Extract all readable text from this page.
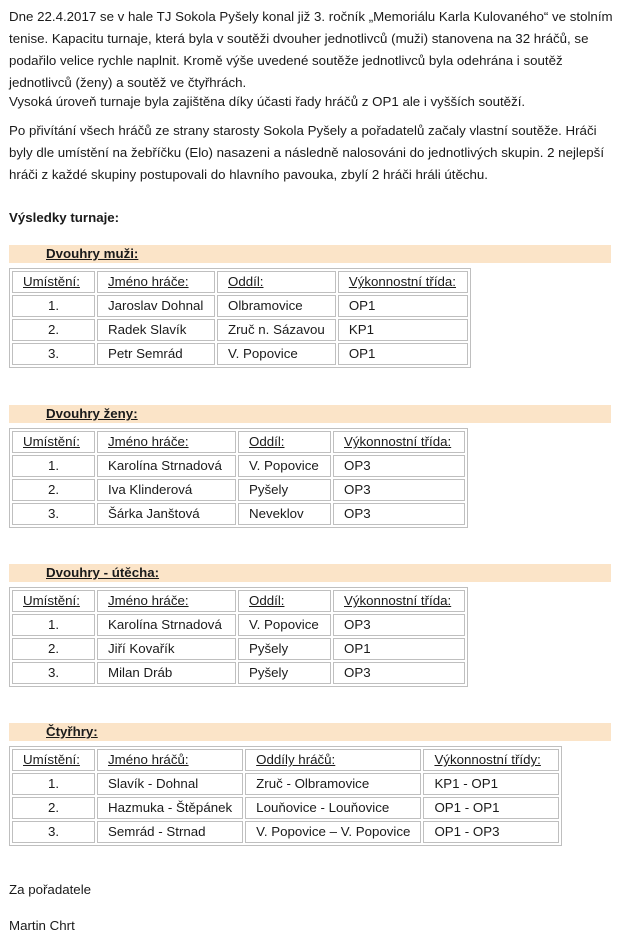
Dne 22.4.2017 se v hale TJ Sokola Pyšely konal již 3. ročník „Memoriálu Karla Kulovaného“ ve stolním tenise. Kapacitu turnaje, která byla v soutěži dvouher jednotlivců (muži) stanovena na 32 hráčů, se podařilo velice rychle naplnit. Kromě výše uvedené soutěže jednotlivců byla odehrána i soutěž jednotlivců (ženy) a soutěž ve čtyřhrách.

Vysoká úroveň turnaje byla zajištěna díky účasti řady hráčů z OP1 ale i vyšších soutěží.

Po přivítání všech hráčů ze strany starosty Sokola Pyšely a pořadatelů začaly vlastní soutěže. Hráči byly dle umístění na žebříčku (Elo) nasazeni a následně nalosováni do jednotlivých skupin. 2 nejlepší hráči z každé skupiny postupovali do hlavního pavouka, zbylí 2 hráči hráli útěchu.

Výsledky turnaje:

Dvouhry muži:
Umístění:	Jméno hráče:	Oddíl:	Výkonnostní třída:
1.	Jaroslav Dohnal	Olbramovice	OP1
2.	Radek Slavík	Zruč n. Sázavou	KP1
3.	Petr Semrád	V. Popovice	OP1
Dvouhry ženy:
Umístění:	Jméno hráče:	Oddíl:	Výkonnostní třída:
1.	Karolína Strnadová	V. Popovice	OP3
2.	Iva Klinderová	Pyšely	OP3
3.	Šárka Janštová	Neveklov	OP3
Dvouhry - útěcha:
Umístění:	Jméno hráče:	Oddíl:	Výkonnostní třída:
1.	Karolína Strnadová	V. Popovice	OP3
2.	Jiří Kovařík	Pyšely	OP1
3.	Milan Dráb	Pyšely	OP3
Čtyřhry:
Umístění:	Jméno hráčů:	Oddíly hráčů:	Výkonnostní třídy:
1.	Slavík - Dohnal	Zruč - Olbramovice	KP1 - OP1
2.	Hazmuka - Štěpánek	Louňovice - Louňovice	OP1 - OP1
3.	Semrád - Strnad	V. Popovice – V. Popovice	OP1 - OP3

Za pořadatele

Martin Chrt
